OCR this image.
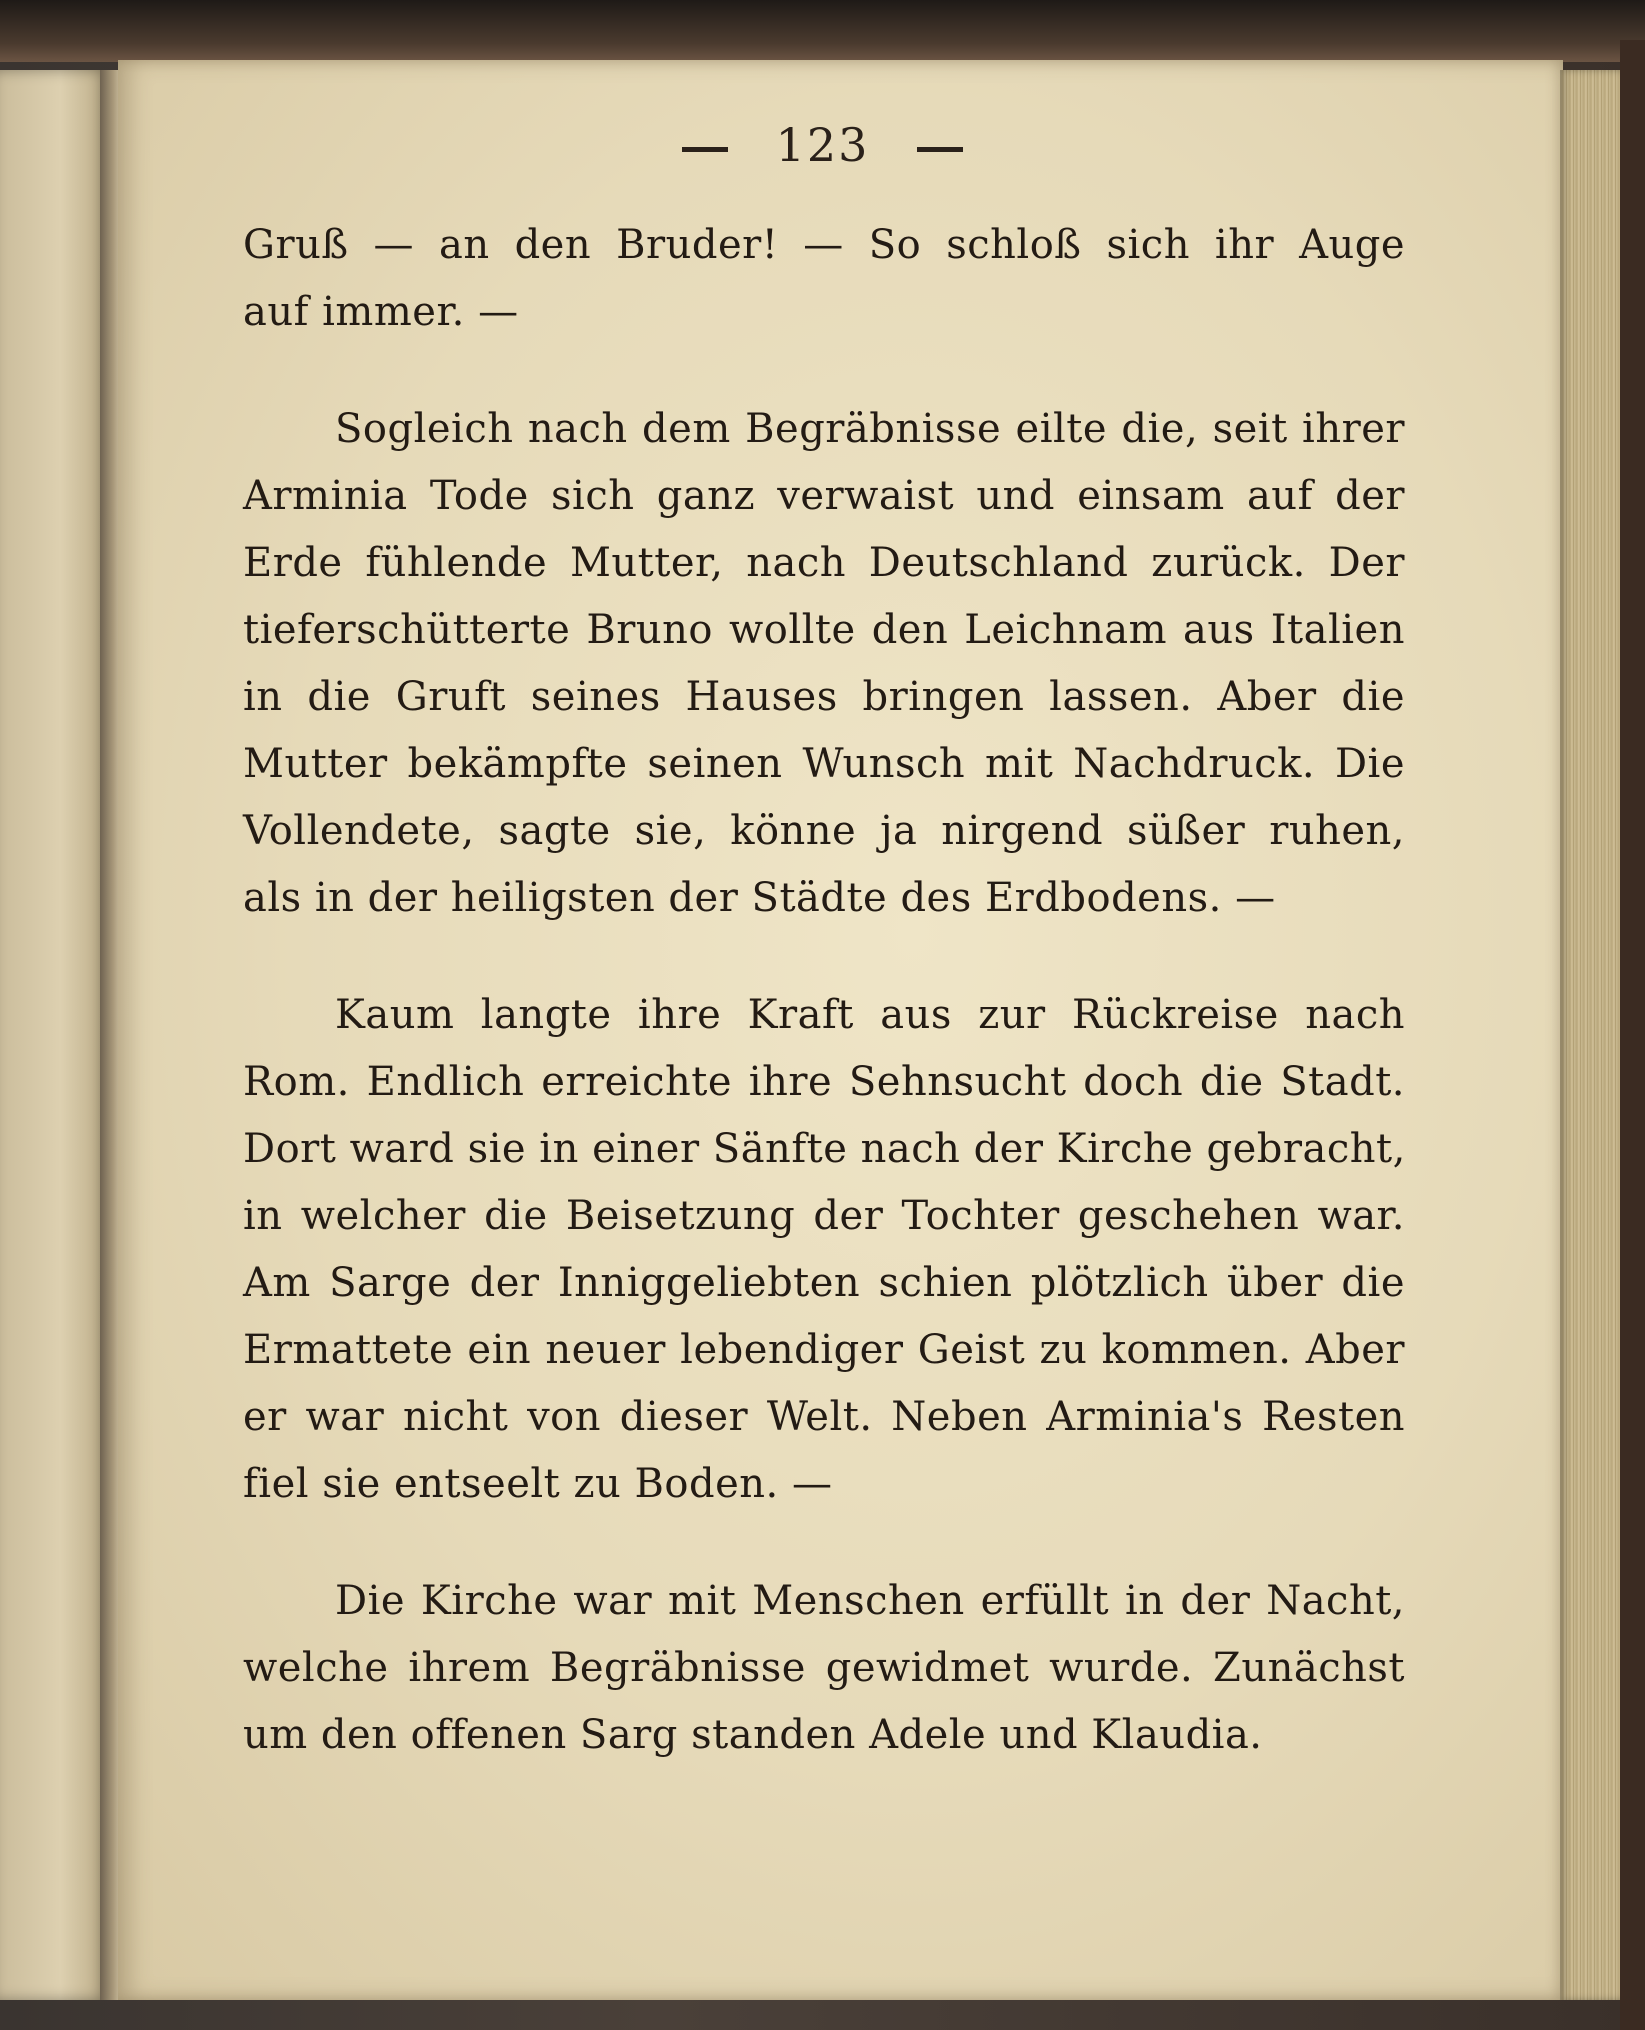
123
Gruß — an den Bruder! — So schloß sich ihr Auge
auf immer. —
Sogleich nach dem Begräbnisse eilte die, seit ihrer
Arminia Tode sich ganz verwaist und einsam auf der
Erde fühlende Mutter, nach Deutschland zurück. Der
tieferschütterte Bruno wollte den Leichnam aus Italien
in die Gruft seines Hauses bringen lassen. Aber die
Mutter bekämpfte seinen Wunsch mit Nachdruck. Die
Vollendete, sagte sie, könne ja nirgend süßer ruhen,
als in der heiligsten der Städte des Erdbodens. —
Kaum langte ihre Kraft aus zur Rückreise nach
Rom. Endlich erreichte ihre Sehnsucht doch die Stadt.
Dort ward sie in einer Sänfte nach der Kirche gebracht,
in welcher die Beisetzung der Tochter geschehen war.
Am Sarge der Inniggeliebten schien plötzlich über die
Ermattete ein neuer lebendiger Geist zu kommen. Aber
er war nicht von dieser Welt. Neben Arminia's Resten
fiel sie entseelt zu Boden. —
Die Kirche war mit Menschen erfüllt in der Nacht,
welche ihrem Begräbnisse gewidmet wurde. Zunächst
um den offenen Sarg standen Adele und Klaudia.
